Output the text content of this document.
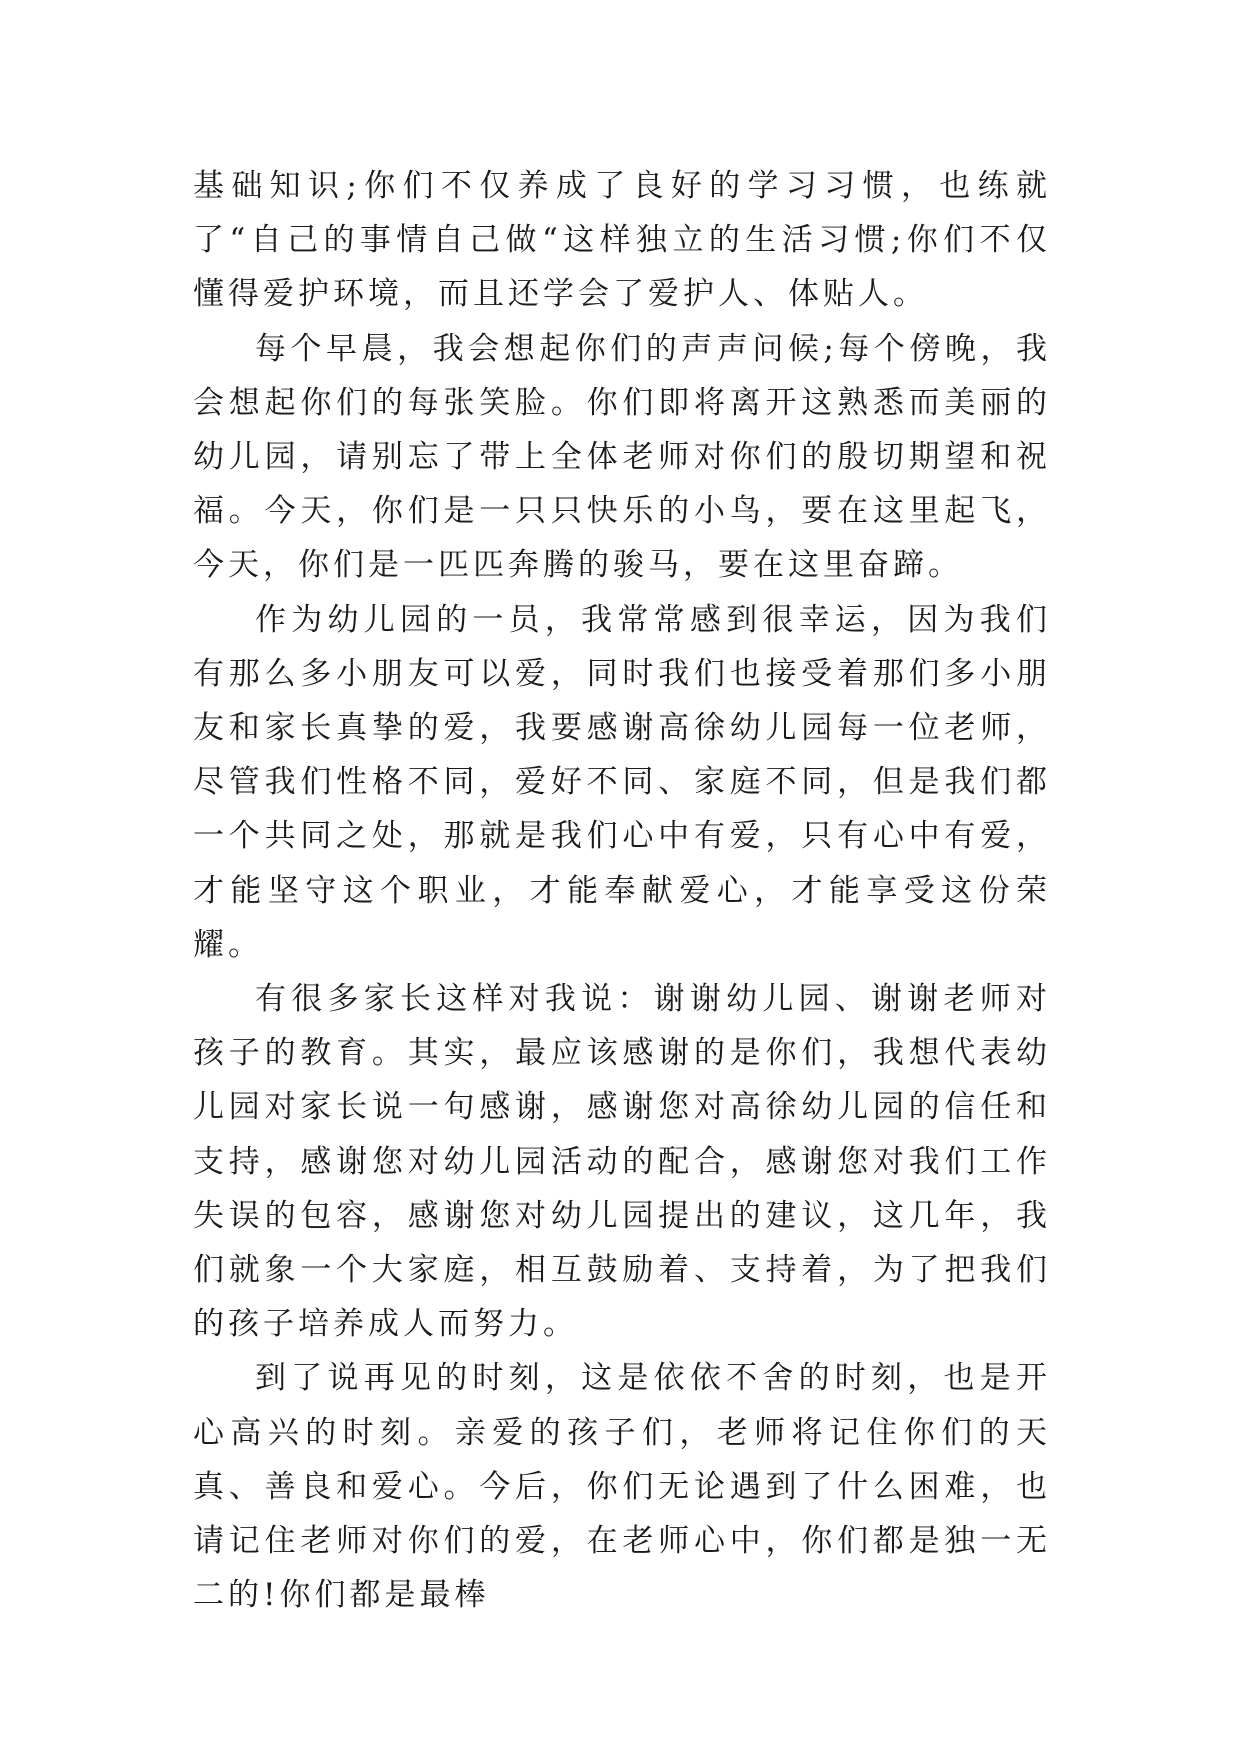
基础知识;你们不仅养成了良好的学习习惯，也练就了“自己的事情自己做“这样独立的生活习惯;你们不仅懂得爱护环境，而且还学会了爱护人、体贴人。

每个早晨，我会想起你们的声声问候;每个傍晚，我会想起你们的每张笑脸。你们即将离开这熟悉而美丽的幼儿园，请别忘了带上全体老师对你们的殷切期望和祝福。今天，你们是一只只快乐的小鸟，要在这里起飞，今天，你们是一匹匹奔腾的骏马，要在这里奋蹄。

作为幼儿园的一员，我常常感到很幸运，因为我们有那么多小朋友可以爱，同时我们也接受着那们多小朋友和家长真挚的爱，我要感谢高徐幼儿园每一位老师，尽管我们性格不同，爱好不同、家庭不同，但是我们都一个共同之处，那就是我们心中有爱，只有心中有爱，才能坚守这个职业，才能奉献爱心，才能享受这份荣耀。

有很多家长这样对我说：谢谢幼儿园、谢谢老师对孩子的教育。其实，最应该感谢的是你们，我想代表幼儿园对家长说一句感谢，感谢您对高徐幼儿园的信任和支持，感谢您对幼儿园活动的配合，感谢您对我们工作失误的包容，感谢您对幼儿园提出的建议，这几年，我们就象一个大家庭，相互鼓励着、支持着，为了把我们的孩子培养成人而努力。

到了说再见的时刻，这是依依不舍的时刻，也是开心高兴的时刻。亲爱的孩子们，老师将记住你们的天真、善良和爱心。今后，你们无论遇到了什么困难，也请记住老师对你们的爱，在老师心中，你们都是独一无二的!你们都是最棒
